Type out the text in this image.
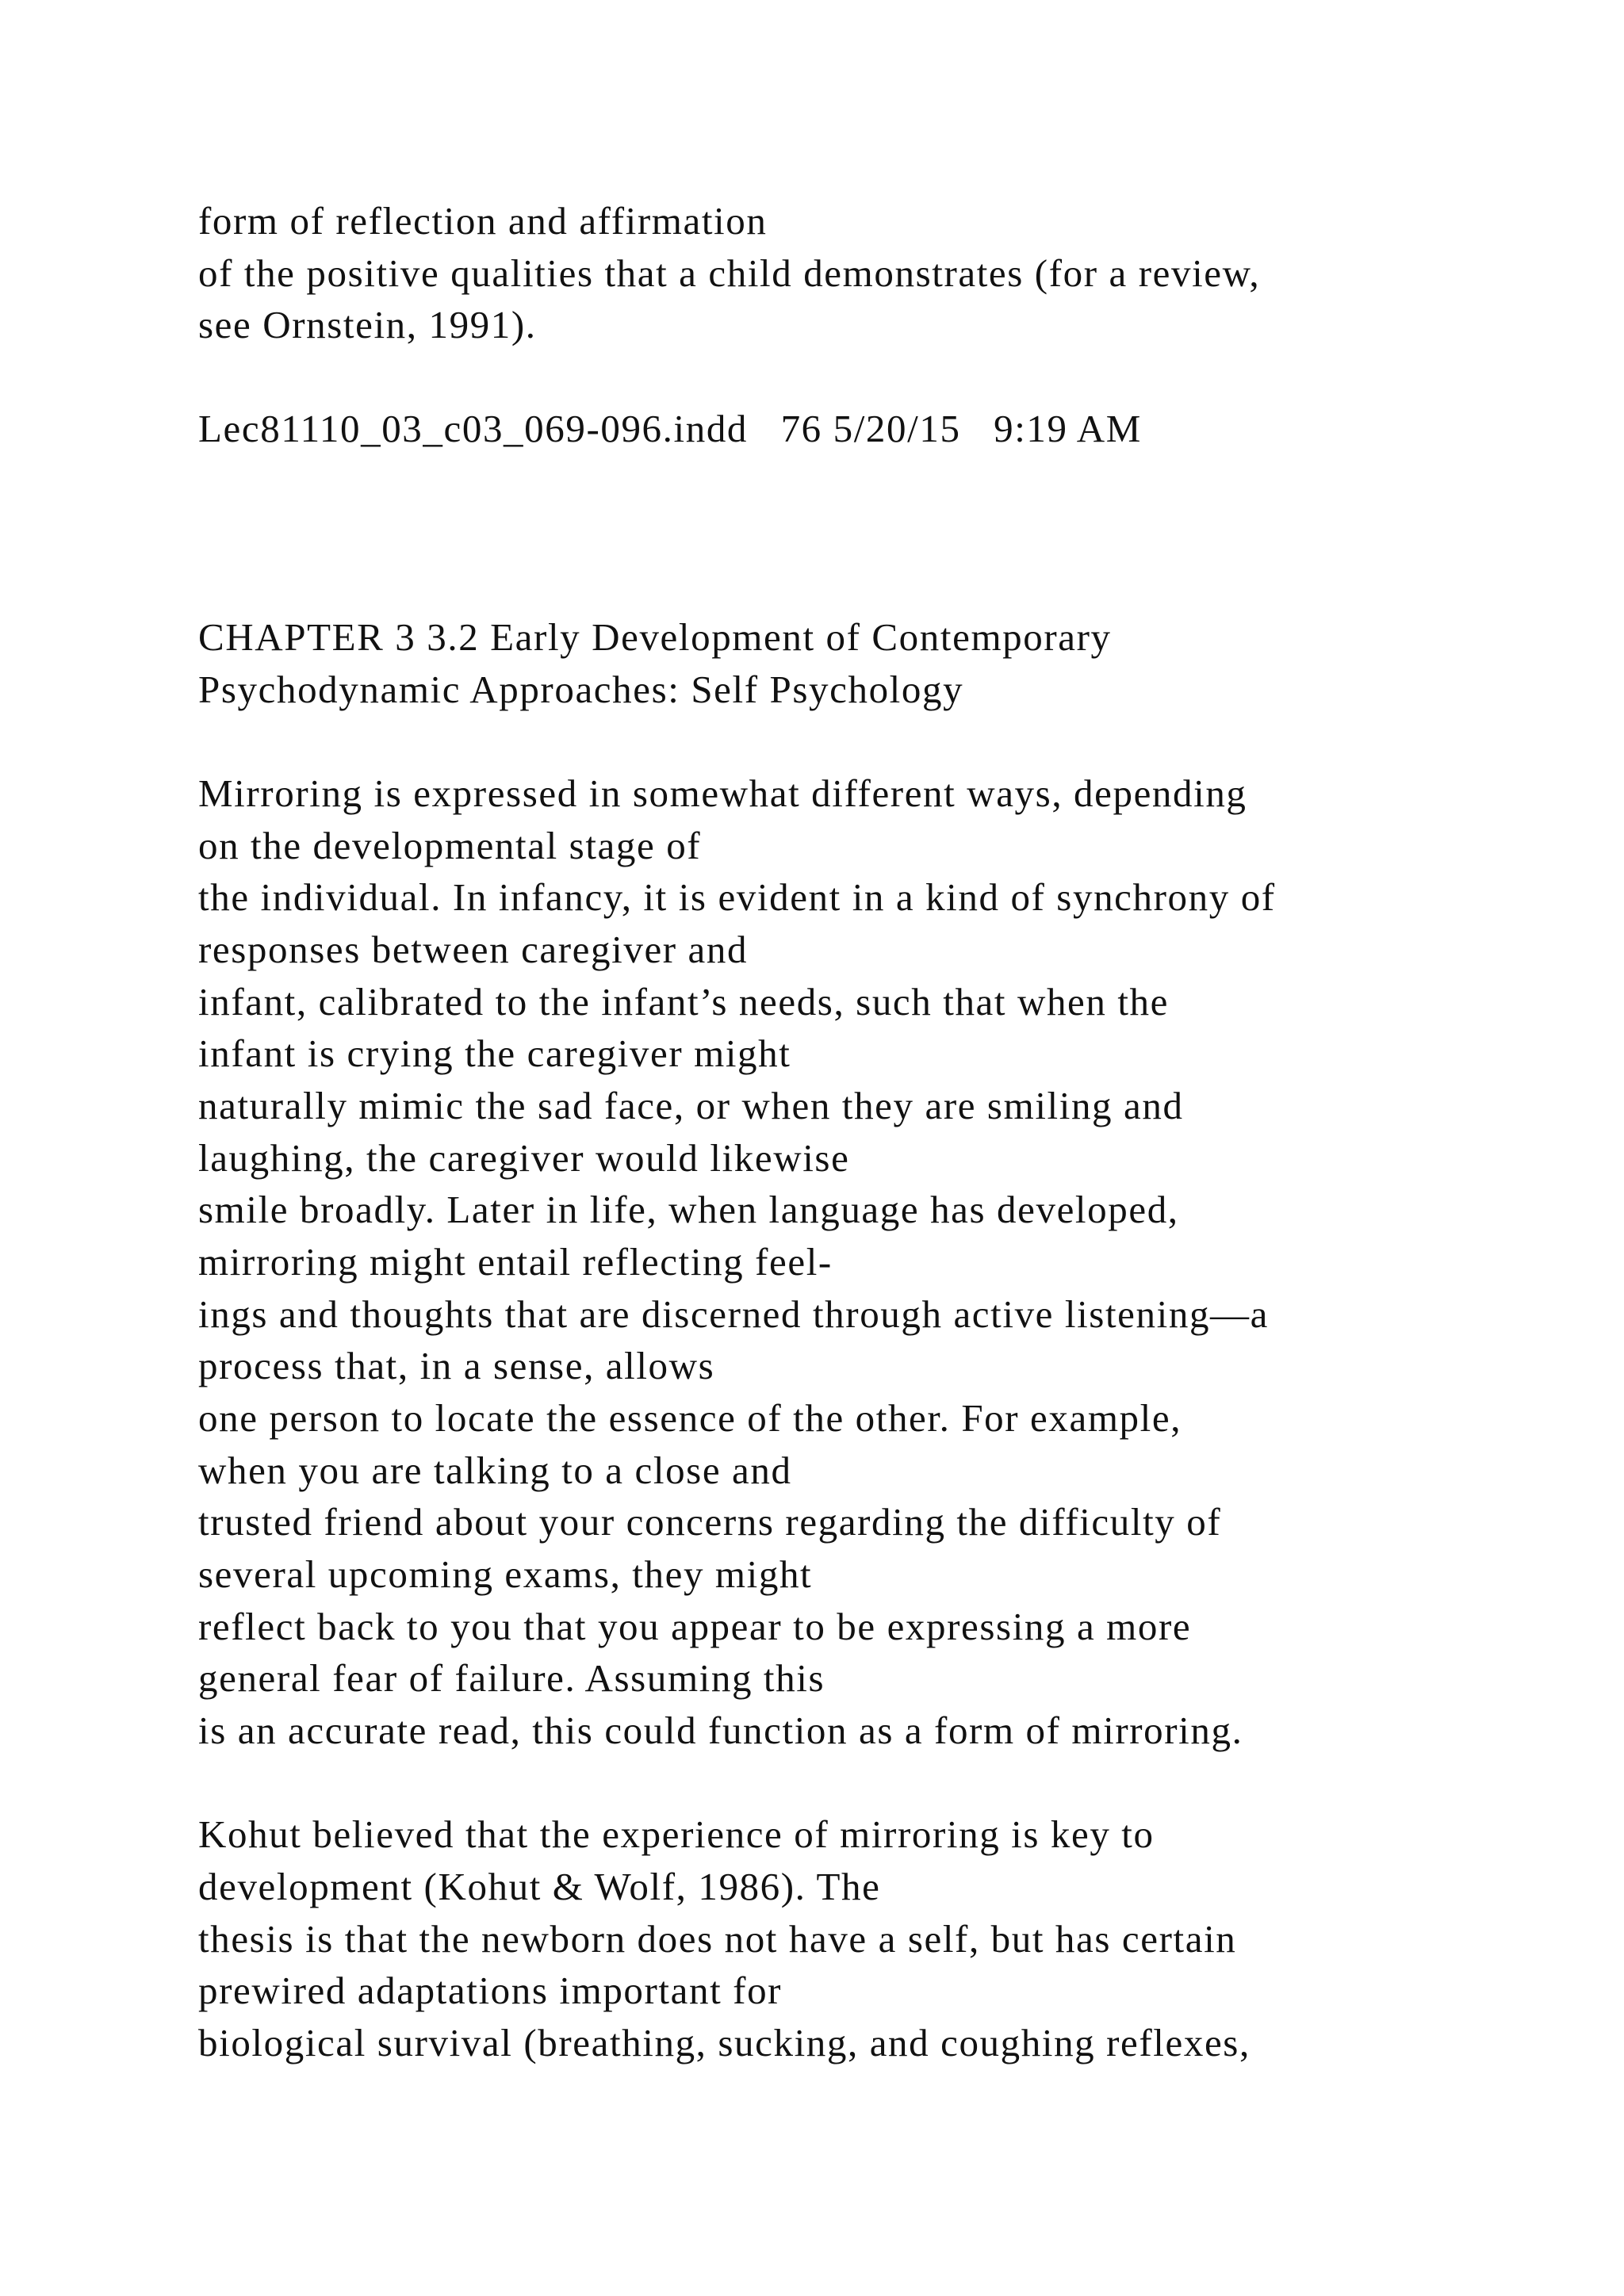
form of reflection and affirmation

of the positive qualities that a child demonstrates (for a review,

see Ornstein, 1991).

Lec81110_03_c03_069-096.indd   76 5/20/15   9:19 AM

CHAPTER 3 3.2 Early Development of Contemporary

Psychodynamic Approaches: Self Psychology

Mirroring is expressed in somewhat different ways, depending

on the developmental stage of

the individual. In infancy, it is evident in a kind of synchrony of

responses between caregiver and

infant, calibrated to the infant’s needs, such that when the

infant is crying the caregiver might

naturally mimic the sad face, or when they are smiling and

laughing, the caregiver would likewise

smile broadly. Later in life, when language has developed,

mirroring might entail reflecting feel-

ings and thoughts that are discerned through active listening—a

process that, in a sense, allows

one person to locate the essence of the other. For example,

when you are talking to a close and

trusted friend about your concerns regarding the difficulty of

several upcoming exams, they might

reflect back to you that you appear to be expressing a more

general fear of failure. Assuming this

is an accurate read, this could function as a form of mirroring.

Kohut believed that the experience of mirroring is key to

development (Kohut & Wolf, 1986). The

thesis is that the newborn does not have a self, but has certain

prewired adaptations important for

biological survival (breathing, sucking, and coughing reflexes,
